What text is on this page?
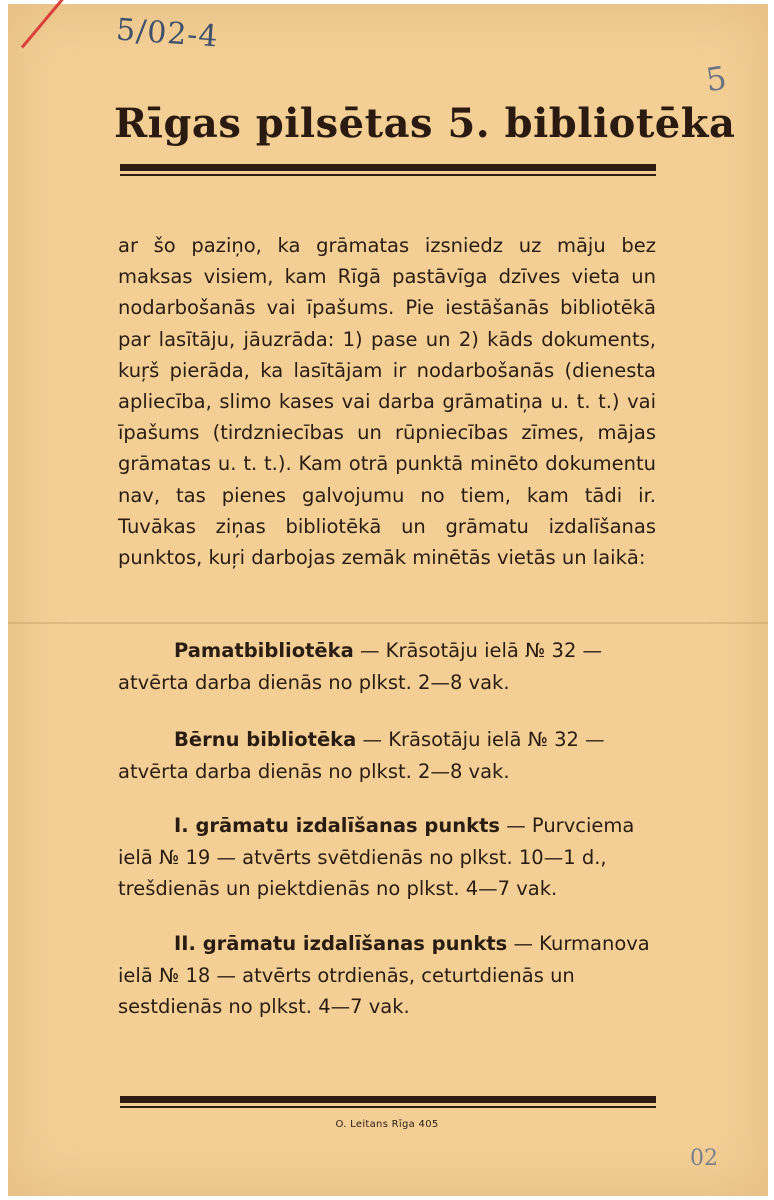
5/02-4
5
Rīgas pilsētas 5. bibliotēka

ar šo paziņo, ka grāmatas izsniedz uz māju bez maksas visiem, kam Rīgā pastāvīga dzīves vieta un nodarbošanās vai īpašums. Pie iestāšanās bibliotēkā par lasītāju, jāuzrāda: 1) pase un 2) kāds dokuments, kuŗš pierāda, ka lasītājam ir nodarbošanās (dienesta apliecība, slimo kases vai darba grāmatiņa u. t. t.) vai īpašums (tirdzniecības un rūpniecības zīmes, mājas grāmatas u. t. t.). Kam otrā punktā minēto dokumentu nav, tas pienes galvojumu no tiem, kam tādi ir. Tuvākas ziņas bibliotēkā un grāmatu izdalīšanas punktos, kuŗi darbojas zemāk minētās vietās un laikā:

Pamatbibliotēka — Krāsotāju ielā № 32 —
atvērta darba dienās no plkst. 2—8 vak.

Bērnu bibliotēka — Krāsotāju ielā № 32 —
atvērta darba dienās no plkst. 2—8 vak.

I. grāmatu izdalīšanas punkts — Purvciema
ielā № 19 — atvērts svētdienās no plkst. 10—1 d.,
trešdienās un piektdienās no plkst. 4—7 vak.

II. grāmatu izdalīšanas punkts — Kurmanova
ielā № 18 — atvērts otrdienās, ceturtdienās un
sestdienās no plkst. 4—7 vak.

O. Leitans Rīga 405
02
